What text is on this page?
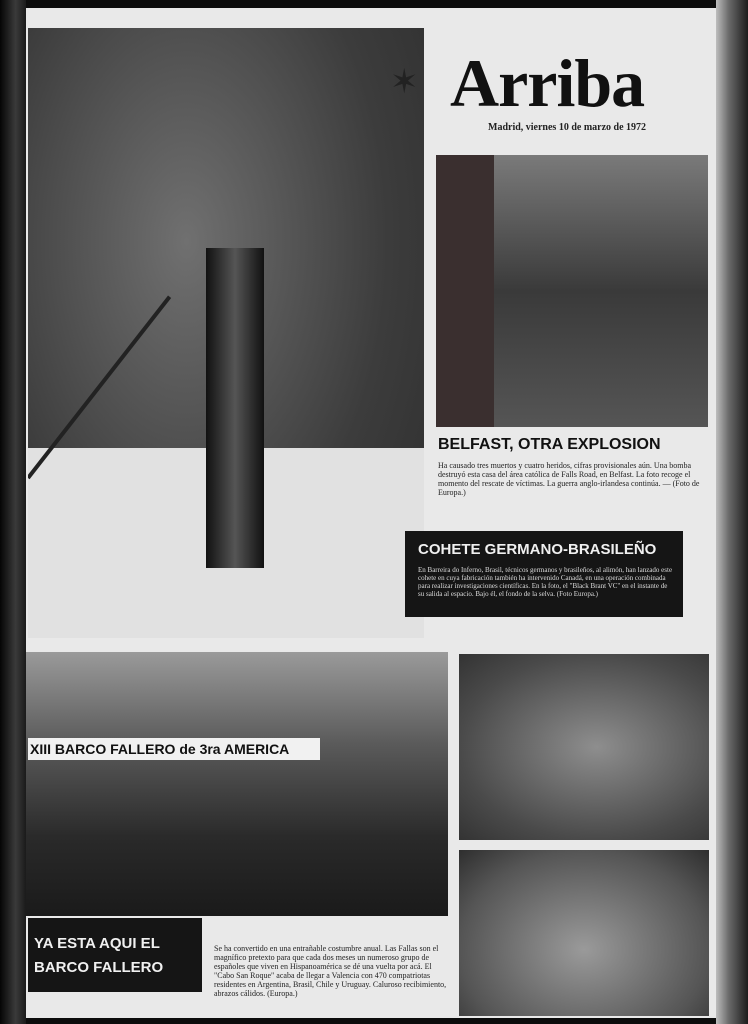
✶ Arriba
Madrid, viernes 10 de marzo de 1972
BELFAST, OTRA EXPLOSION
Ha causado tres muertos y cuatro heridos, cifras provisionales aún. Una bomba destruyó esta casa del área católica de Falls Road, en Belfast. La foto recoge el momento del rescate de víctimas. La guerra anglo-irlandesa continúa. — (Foto de Europa.)
COHETE GERMANO-BRASILEÑO
En Barreira do Inferno, Brasil, técnicos germanos y brasileños, al alimón, han lanzado este cohete en cuya fabricación también ha intervenido Canadá, en una operación combinada para realizar investigaciones científicas. En la foto, el "Black Brant VC" en el instante de su salida al espacio. Bajo él, el fondo de la selva. (Foto Europa.)
XIII BARCO FALLERO de 3ra AMERICA
YA ESTA AQUI EL BARCO FALLERO
Se ha convertido en una entrañable costumbre anual. Las Fallas son el magnífico pretexto para que cada dos meses un numeroso grupo de españoles que viven en Hispanoamérica se dé una vuelta por acá. El "Cabo San Roque" acaba de llegar a Valencia con 470 compatriotas residentes en Argentina, Brasil, Chile y Uruguay. Caluroso recibimiento, abrazos cálidos. (Europa.)
